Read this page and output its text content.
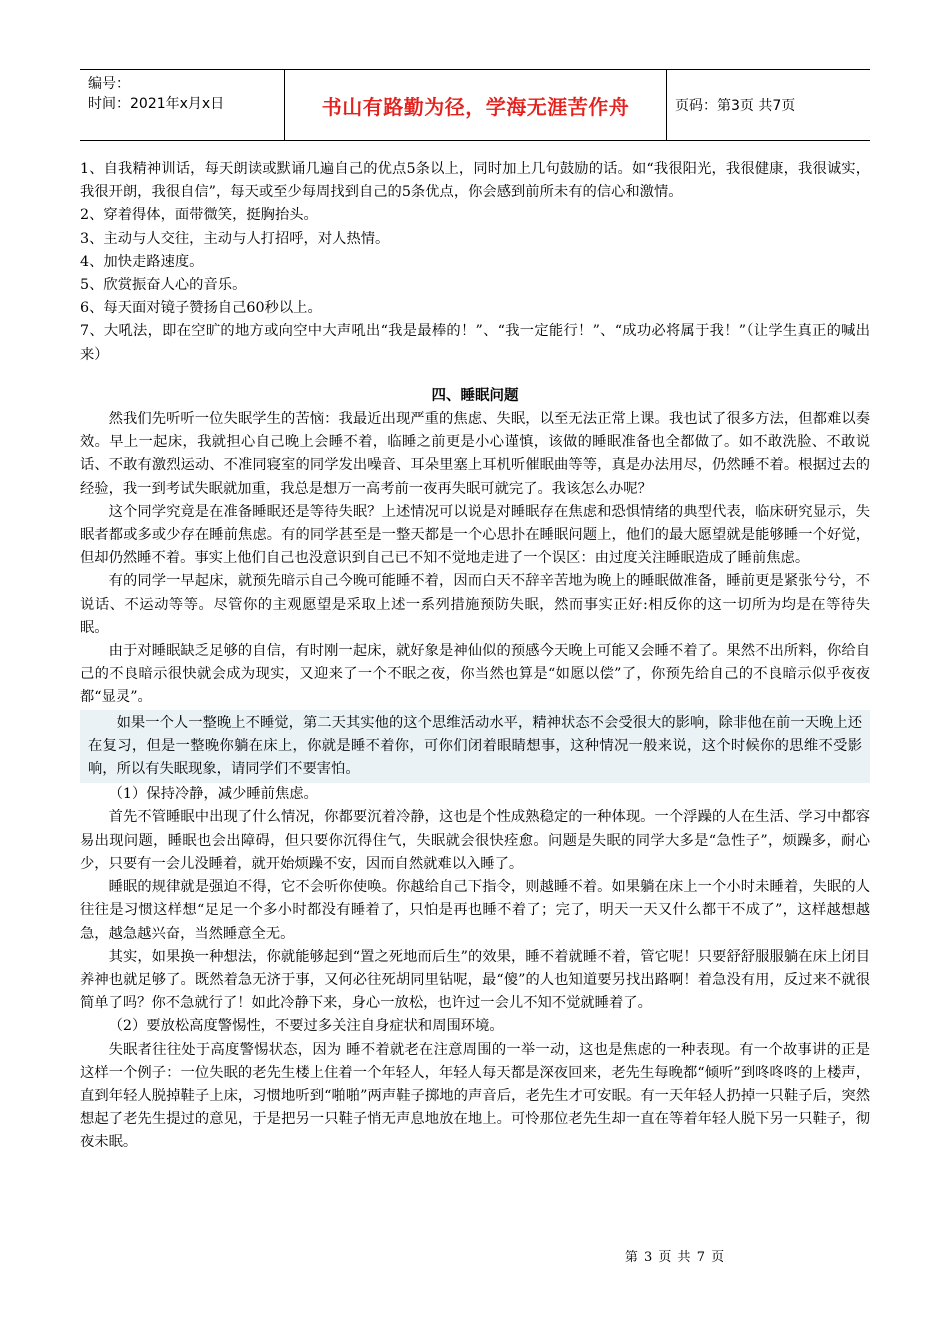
编号：
时间：2021年x月x日	书山有路勤为径，学海无涯苦作舟	页码：第3页 共7页

1、自我精神训话，每天朗读或默诵几遍自己的优点5条以上，同时加上几句鼓励的话。如“我很阳光，我很健康，我很诚实，我很开朗，我很自信”，每天或至少每周找到自己的5条优点，你会感到前所未有的信心和激情。

2、穿着得体，面带微笑，挺胸抬头。

3、主动与人交往，主动与人打招呼，对人热情。

4、加快走路速度。

5、欣赏振奋人心的音乐。

6、每天面对镜子赞扬自己60秒以上。

7、大吼法，即在空旷的地方或向空中大声吼出“我是最棒的！”、“我一定能行！”、“成功必将属于我！”（让学生真正的喊出来）

四、睡眠问题

然我们先听听一位失眠学生的苦恼：我最近出现严重的焦虑、失眠，以至无法正常上课。我也试了很多方法，但都难以奏效。早上一起床，我就担心自己晚上会睡不着，临睡之前更是小心谨慎，该做的睡眠准备也全都做了。如不敢洗脸、不敢说话、不敢有激烈运动、不准同寝室的同学发出噪音、耳朵里塞上耳机听催眠曲等等，真是办法用尽，仍然睡不着。根据过去的经验，我一到考试失眠就加重，我总是想万一高考前一夜再失眠可就完了。我该怎么办呢？

这个同学究竟是在准备睡眠还是等待失眠？上述情况可以说是对睡眠存在焦虑和恐惧情绪的典型代表，临床研究显示，失眠者都或多或少存在睡前焦虑。有的同学甚至是一整天都是一个心思扑在睡眠问题上，他们的最大愿望就是能够睡一个好觉，但却仍然睡不着。事实上他们自己也没意识到自己已不知不觉地走进了一个误区：由过度关注睡眠造成了睡前焦虑。

有的同学一早起床，就预先暗示自己今晚可能睡不着，因而白天不辞辛苦地为晚上的睡眠做准备，睡前更是紧张兮兮，不说话、不运动等等。尽管你的主观愿望是采取上述一系列措施预防失眠，然而事实正好:相反你的这一切所为均是在等待失眠。

由于对睡眠缺乏足够的自信，有时刚一起床，就好象是神仙似的预感今天晚上可能又会睡不着了。果然不出所料，你给自己的不良暗示很快就会成为现实，又迎来了一个不眠之夜，你当然也算是“如愿以偿”了，你预先给自己的不良暗示似乎夜夜都“显灵”。

如果一个人一整晚上不睡觉，第二天其实他的这个思维活动水平，精神状态不会受很大的影响，除非他在前一天晚上还在复习，但是一整晚你躺在床上，你就是睡不着你，可你们闭着眼睛想事，这种情况一般来说，这个时候你的思维不受影响，所以有失眠现象，请同学们不要害怕。

（1）保持冷静，减少睡前焦虑。

首先不管睡眠中出现了什么情况，你都要沉着冷静，这也是个性成熟稳定的一种体现。一个浮躁的人在生活、学习中都容易出现问题，睡眠也会出障碍，但只要你沉得住气，失眠就会很快痊愈。问题是失眠的同学大多是“急性子”，烦躁多，耐心少，只要有一会儿没睡着，就开始烦躁不安，因而自然就难以入睡了。

睡眠的规律就是强迫不得，它不会听你使唤。你越给自己下指令，则越睡不着。如果躺在床上一个小时未睡着，失眠的人往往是习惯这样想“足足一个多小时都没有睡着了，只怕是再也睡不着了；完了，明天一天又什么都干不成了”，这样越想越急，越急越兴奋，当然睡意全无。

其实，如果换一种想法，你就能够起到“置之死地而后生”的效果，睡不着就睡不着，管它呢！只要舒舒服服躺在床上闭目养神也就足够了。既然着急无济于事，又何必往死胡同里钻呢，最“傻”的人也知道要另找出路啊！着急没有用，反过来不就很简单了吗？你不急就行了！如此冷静下来，身心一放松，也许过一会儿不知不觉就睡着了。

（2）要放松高度警惕性，不要过多关注自身症状和周围环境。

失眠者往往处于高度警惕状态，因为 睡不着就老在注意周围的一举一动，这也是焦虑的一种表现。有一个故事讲的正是这样一个例子：一位失眠的老先生楼上住着一个年轻人，年轻人每天都是深夜回来，老先生每晚都“倾听”到咚咚咚的上楼声，直到年轻人脱掉鞋子上床，习惯地听到“啪啪”两声鞋子掷地的声音后，老先生才可安眠。有一天年轻人扔掉一只鞋子后，突然想起了老先生提过的意见，于是把另一只鞋子悄无声息地放在地上。可怜那位老先生却一直在等着年轻人脱下另一只鞋子，彻夜未眠。

第 3 页 共 7 页
